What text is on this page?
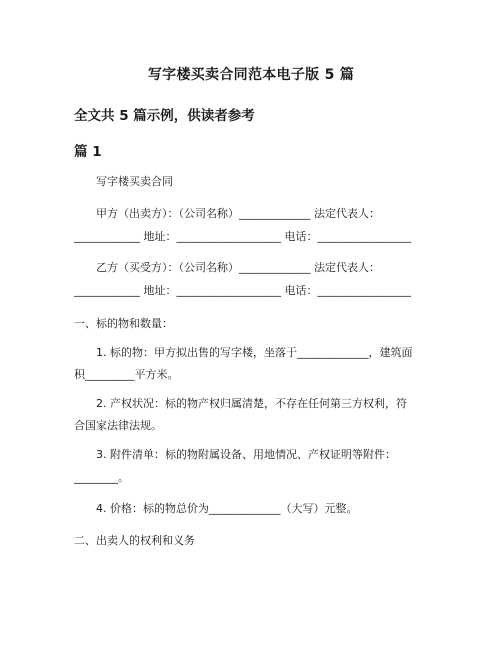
写字楼买卖合同范本电子版 5 篇
全文共 5 篇示例，供读者参考
篇 1
写字楼买卖合同
甲方（出卖方）：（公司名称）_____________ 法定代表人：
____________ 地址：___________________ 电话：_________________
乙方（买受方）：（公司名称）_____________ 法定代表人：
____________ 地址：___________________ 电话：_________________
一、标的物和数量：
1. 标的物：甲方拟出售的写字楼，坐落于_____________，建筑面
积_________平方米。
2. 产权状况：标的物产权归属清楚，不存在任何第三方权利，符
合国家法律法规。
3. 附件清单：标的物附属设备、用地情况、产权证明等附件：
________。
4. 价格：标的物总价为_____________（大写）元整。
二、出卖人的权利和义务
